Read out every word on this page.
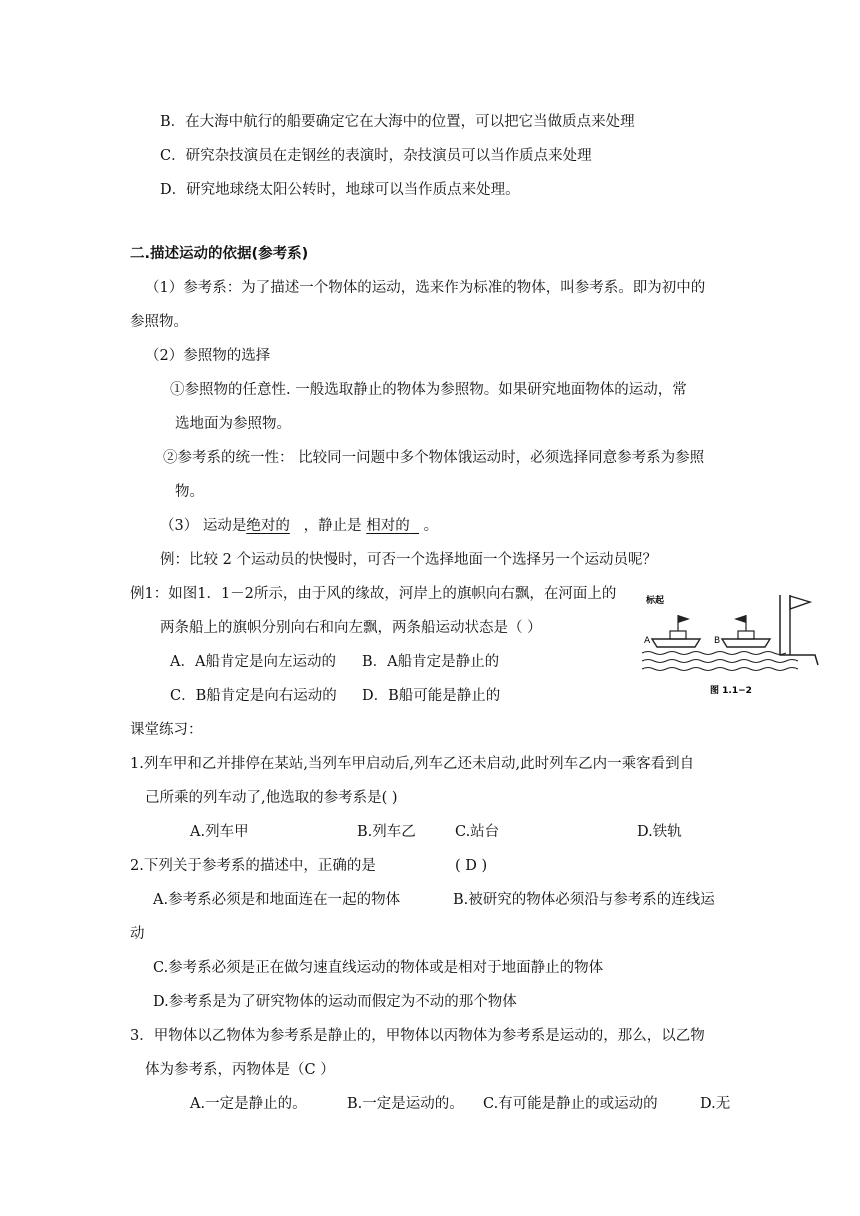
B．在大海中航行的船要确定它在大海中的位置，可以把它当做质点来处理
C．研究杂技演员在走钢丝的表演时，杂技演员可以当作质点来处理
D．研究地球绕太阳公转时，地球可以当作质点来处理。
二.描述运动的依据(参考系)
（1）参考系：为了描述一个物体的运动，选来作为标准的物体，叫参考系。即为初中的
参照物。
（2）参照物的选择
①参照物的任意性. 一般选取静止的物体为参照物。如果研究地面物体的运动，常
选地面为参照物。
②参考系的统一性： 比较同一问题中多个物体饿运动时，必须选择同意参考系为参照
物。
（3） 运动是绝对的 ，静止是 相对的   。
例：比较 2 个运动员的快慢时，可否一个选择地面一个选择另一个运动员呢？
例1：如图1．1－2所示，由于风的缘故，河岸上的旗帜向右飘，在河面上的
两条船上的旗帜分别向右和向左飘，两条船运动状态是（ ）
A．A船肯定是向左运动的 B．A船肯定是静止的
C．B船肯定是向右运动的 D．B船可能是静止的
标起
A	B
图 1.1−2
课堂练习：
1.列车甲和乙并排停在某站,当列车甲启动后,列车乙还未启动,此时列车乙内一乘客看到自
己所乘的列车动了,他选取的参考系是( )
A.列车甲	B.列车乙	C.站台	D.铁轨
2.下列关于参考系的描述中，正确的是	( D )
A.参考系必须是和地面连在一起的物体	B.被研究的物体必须沿与参考系的连线运
动
C.参考系必须是正在做匀速直线运动的物体或是相对于地面静止的物体
D.参考系是为了研究物体的运动而假定为不动的那个物体
3．甲物体以乙物体为参考系是静止的，甲物体以丙物体为参考系是运动的，那么，以乙物
体为参考系，丙物体是（C ）
A.一定是静止的。	B.一定是运动的。 C.有可能是静止的或运动的	D.无
